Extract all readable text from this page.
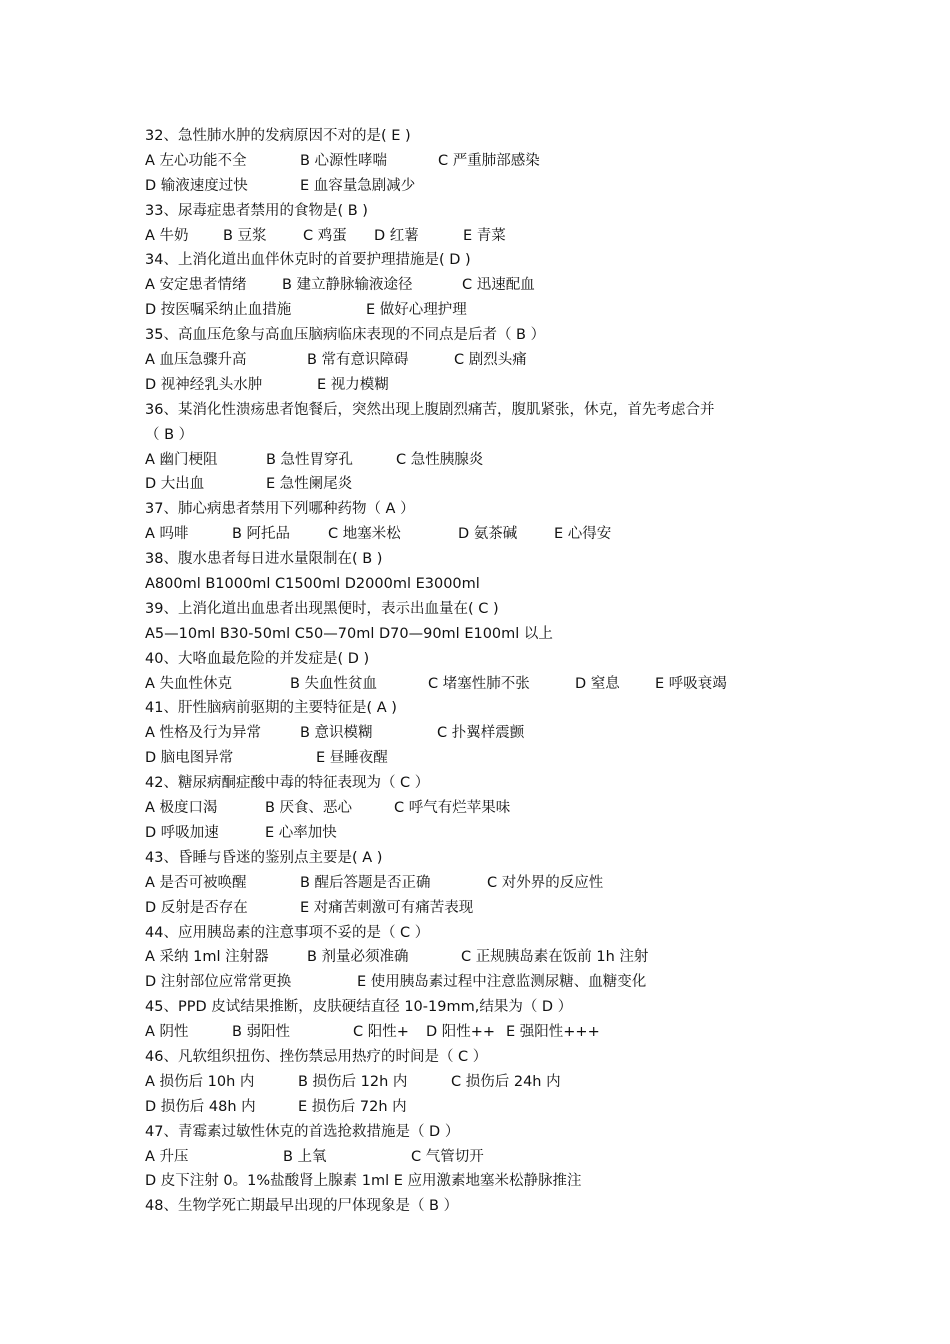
32、急性肺水肿的发病原因不对的是( E )
A 左心功能不全	B 心源性哮喘	C 严重肺部感染
D 输液速度过快	E 血容量急剧减少
33、尿毒症患者禁用的食物是( B )
A 牛奶 B 豆浆	C 鸡蛋 D 红薯	E 青菜
34、上消化道出血伴休克时的首要护理措施是( D )
A 安定患者情绪 B 建立静脉输液途径	C 迅速配血
D 按医嘱采纳止血措施	E 做好心理护理
35、高血压危象与高血压脑病临床表现的不同点是后者（ B ）
A 血压急骤升高	B 常有意识障碍	C 剧烈头痛
D 视神经乳头水肿	E 视力模糊
36、某消化性溃疡患者饱餐后，突然出现上腹剧烈痛苦，腹肌紧张，休克，首先考虑合并
（ B ）
A 幽门梗阻	B 急性胃穿孔	C 急性胰腺炎
D 大出血	E 急性阑尾炎
37、肺心病患者禁用下列哪种药物（ A ）
A 吗啡	B 阿托品	C 地塞米松	D 氨茶碱	E 心得安
38、腹水患者每日进水量限制在( B )
A800ml B1000ml C1500ml D2000ml E3000ml
39、上消化道出血患者出现黑便时，表示出血量在( C )
A5—10ml B30-50ml C50—70ml D70—90ml E100ml 以上
40、大咯血最危险的并发症是( D )
A 失血性休克	B 失血性贫血	C 堵塞性肺不张	D 窒息 E 呼吸衰竭
41、肝性脑病前驱期的主要特征是( A )
A 性格及行为异常	B 意识模糊	C 扑翼样震颤
D 脑电图异常	E 昼睡夜醒
42、糖尿病酮症酸中毒的特征表现为（ C ）
A 极度口渴	B 厌食、恶心	C 呼气有烂苹果味
D 呼吸加速	E 心率加快
43、昏睡与昏迷的鉴别点主要是( A )
A 是否可被唤醒	B 醒后答题是否正确	C 对外界的反应性
D 反射是否存在	E 对痛苦刺激可有痛苦表现
44、应用胰岛素的注意事项不妥的是（ C ）
A 采纳 1ml 注射器	B 剂量必须准确	C 正规胰岛素在饭前 1h 注射
D 注射部位应常常更换	E 使用胰岛素过程中注意监测尿糖、血糖变化
45、PPD 皮试结果推断，皮肤硬结直径 10-19mm,结果为（ D ）
A 阴性	B 弱阳性	C 阳性+ D 阳性++ E 强阳性+++
46、凡软组织扭伤、挫伤禁忌用热疗的时间是（ C ）
A 损伤后 10h 内	B 损伤后 12h 内	C 损伤后 24h 内
D 损伤后 48h 内	E 损伤后 72h 内
47、青霉素过敏性休克的首选抢救措施是（ D ）
A 升压	B 上氧	C 气管切开
D 皮下注射 0。1%盐酸肾上腺素 1ml E 应用激素地塞米松静脉推注
48、生物学死亡期最早出现的尸体现象是（ B ）
